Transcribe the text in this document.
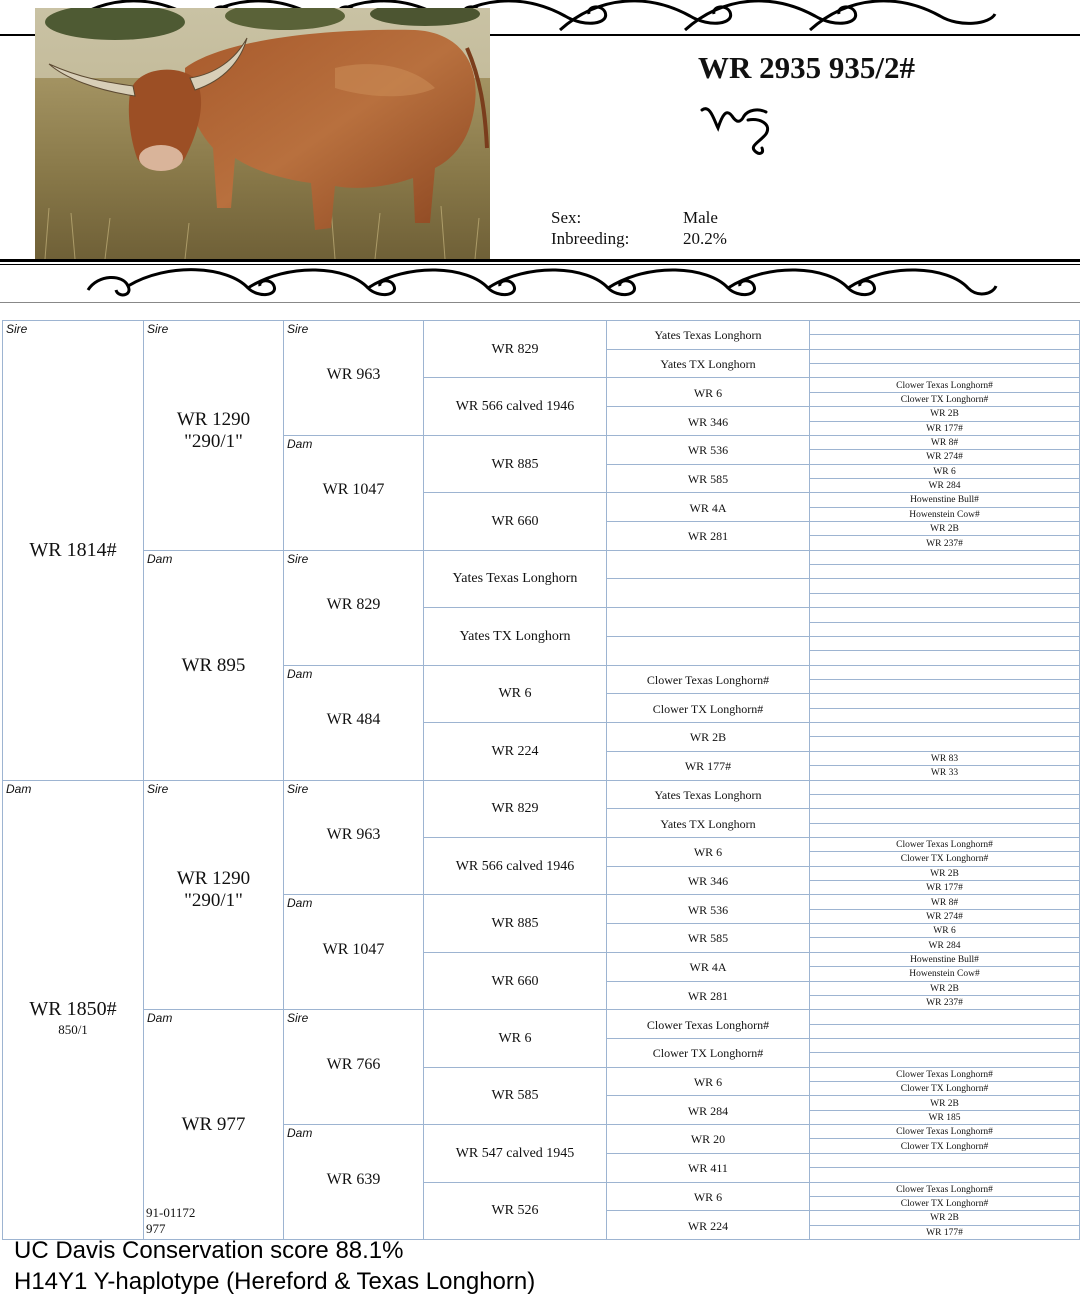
WR 2935 935/2#
Sex:	Male
Inbreeding:	20.2%
Sire
WR 1814#
Dam
WR 1850#
850/1
Sire
WR 1290
"290/1"
Dam
WR 895
Sire
WR 1290
"290/1"
Dam
WR 977
91-01172
977
Sire
WR 963
Dam
WR 1047
Sire
WR 829
Dam
WR 484
Sire
WR 963
Dam
WR 1047
Sire
WR 766
Dam
WR 639
WR 829
WR 566 calved 1946
WR 885
WR 660
Yates Texas Longhorn
Yates TX Longhorn
WR 6
WR 224
WR 829
WR 566 calved 1946
WR 885
WR 660
WR 6
WR 585
WR 547 calved 1945
WR 526
Yates Texas Longhorn
Yates TX Longhorn
WR 6
WR 346
WR 536
WR 585
WR 4A
WR 281
Clower Texas Longhorn#
Clower TX Longhorn#
WR 2B
WR 177#
Yates Texas Longhorn
Yates TX Longhorn
WR 6
WR 346
WR 536
WR 585
WR 4A
WR 281
Clower Texas Longhorn#
Clower TX Longhorn#
WR 6
WR 284
WR 20
WR 411
WR 6
WR 224
Clower Texas Longhorn#
Clower TX Longhorn#
WR 2B
WR 177#
WR 8#
WR 274#
WR 6
WR 284
Howenstine Bull#
Howenstein Cow#
WR 2B
WR 237#
WR 83
WR 33
Clower Texas Longhorn#
Clower TX Longhorn#
WR 2B
WR 177#
WR 8#
WR 274#
WR 6
WR 284
Howenstine Bull#
Howenstein Cow#
WR 2B
WR 237#
Clower Texas Longhorn#
Clower TX Longhorn#
WR 2B
WR 185
Clower Texas Longhorn#
Clower TX Longhorn#
Clower Texas Longhorn#
Clower TX Longhorn#
WR 2B
WR 177#
UC Davis Conservation score 88.1%
H14Y1 Y-haplotype (Hereford & Texas Longhorn)
